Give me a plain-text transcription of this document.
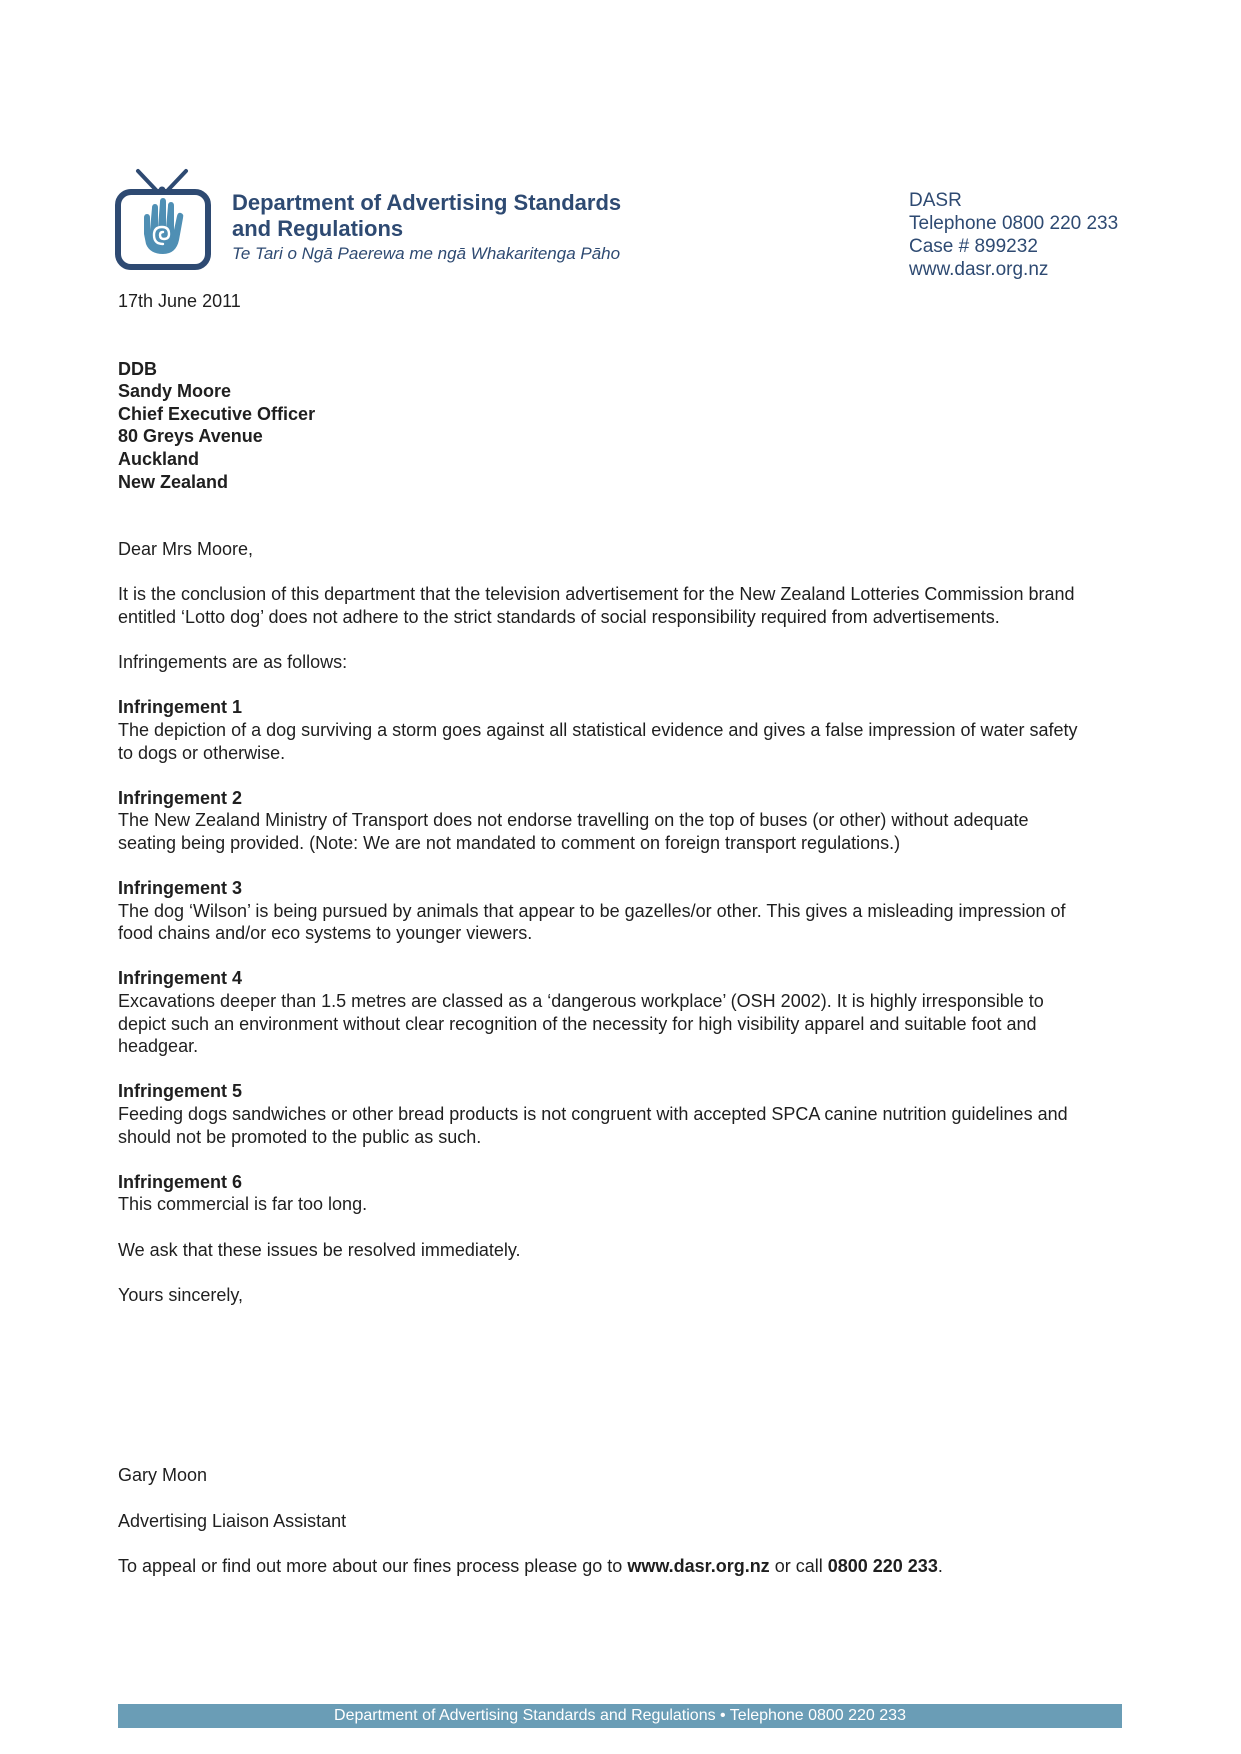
Department of Advertising Standards
and Regulations
Te Tari o Ngā Paerewa me ngā Whakaritenga Pāho
DASR
Telephone 0800 220 233
Case # 899232
www.dasr.org.nz

17th June 2011

DDB

Sandy Moore

Chief Executive Officer

80 Greys Avenue

Auckland

New Zealand

Dear Mrs Moore,

It is the conclusion of this department that the television advertisement for the New Zealand Lotteries Commission brand entitled ‘Lotto dog’ does not adhere to the strict standards of social responsibility required from advertisements.

Infringements are as follows:

Infringement 1

The depiction of a dog surviving a storm goes against all statistical evidence and gives a false impression of water safety to dogs or otherwise.

Infringement 2

The New Zealand Ministry of Transport does not endorse travelling on the top of buses (or other) without adequate seating being provided. (Note: We are not mandated to comment on foreign transport regulations.)

Infringement 3

The dog ‘Wilson’ is being pursued by animals that appear to be gazelles/or other. This gives a misleading impression of food chains and/or eco systems to younger viewers.

Infringement 4

Excavations deeper than 1.5 metres are classed as a ‘dangerous workplace’ (OSH 2002). It is highly irresponsible to depict such an environment without clear recognition of the necessity for high visibility apparel and suitable foot and headgear.

Infringement 5

Feeding dogs sandwiches or other bread products is not congruent with accepted SPCA canine nutrition guidelines and should not be promoted to the public as such.

Infringement 6

This commercial is far too long.

We ask that these issues be resolved immediately.

Yours sincerely,

Gary Moon

Advertising Liaison Assistant

To appeal or find out more about our fines process please go to www.dasr.org.nz or call 0800 220 233.

Department of Advertising Standards and Regulations • Telephone 0800 220 233
